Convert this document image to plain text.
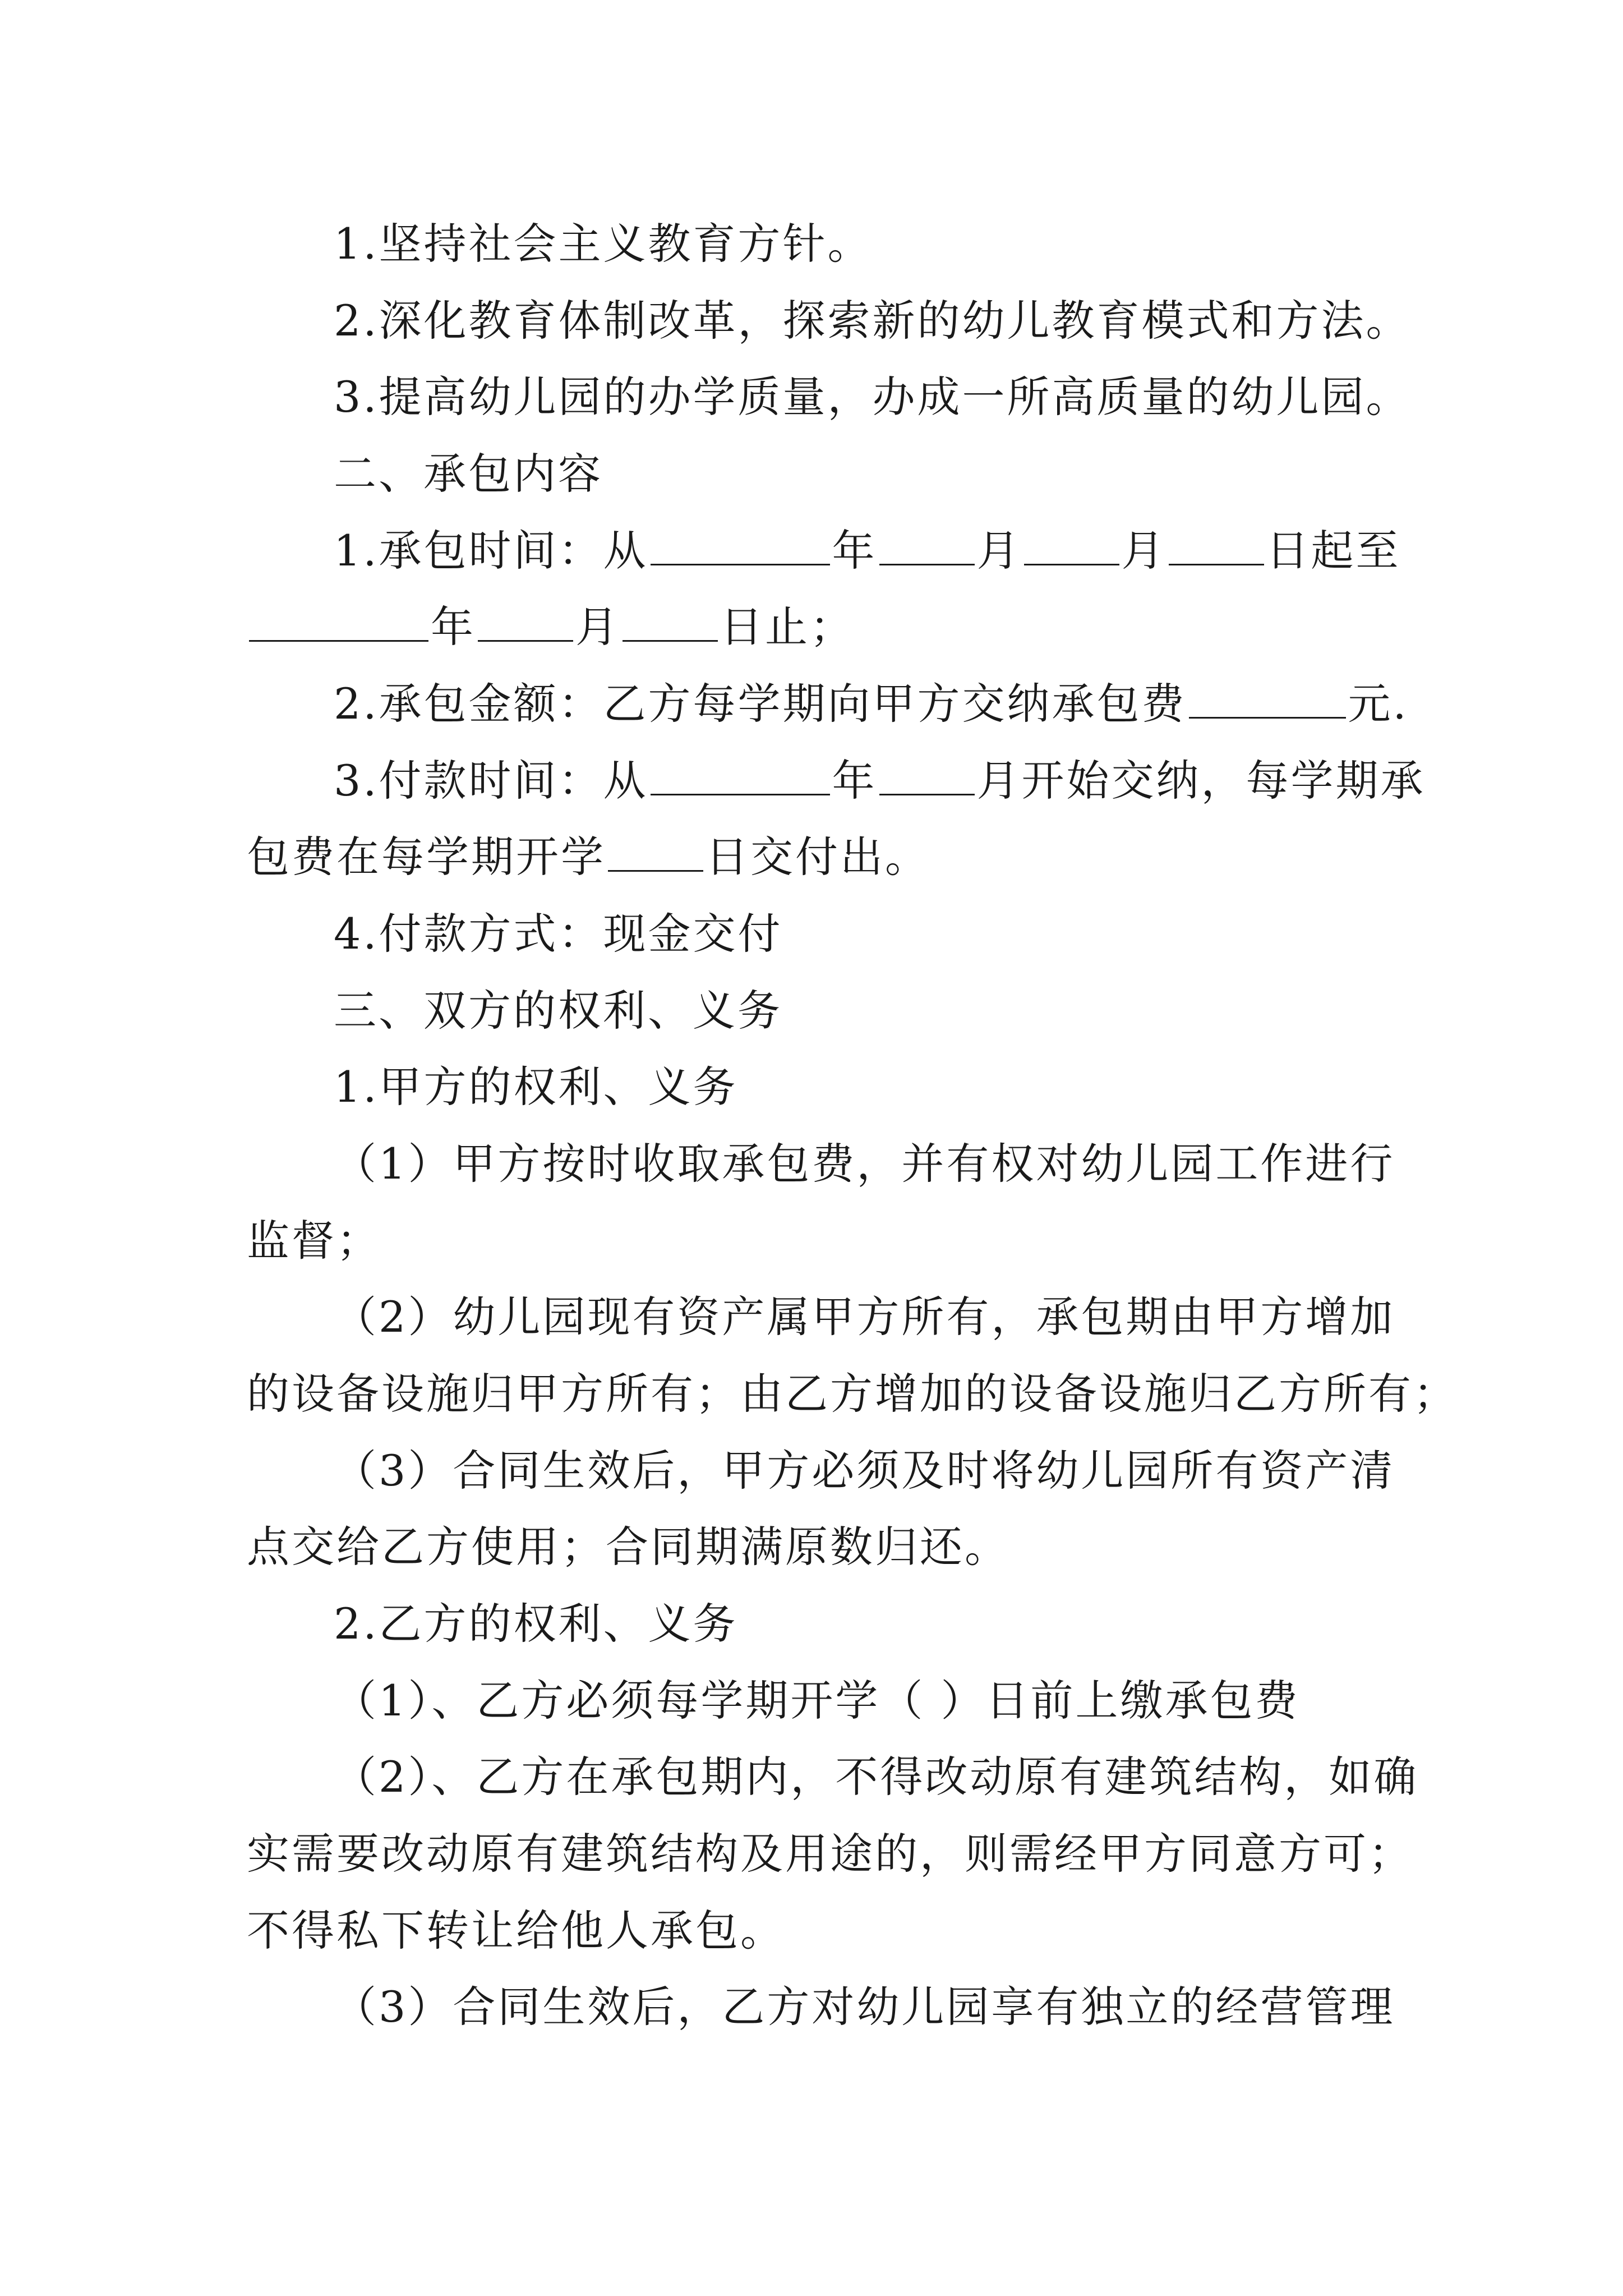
1.坚持社会主义教育方针。
2.深化教育体制改革，探索新的幼儿教育模式和方法。
3.提高幼儿园的办学质量，办成一所高质量的幼儿园。
二、承包内容
1.承包时间：从	年 月 月 日起至
年 月 日止；
2.承包金额：乙方每学期向甲方交纳承包费	元.
3.付款时间：从	年 月开始交纳，每学期承
包费在每学期开学 日交付出。
4.付款方式：现金交付
三、双方的权利、义务
1.甲方的权利、义务
（1）甲方按时收取承包费，并有权对幼儿园工作进行
监督；
（2）幼儿园现有资产属甲方所有，承包期由甲方增加
的设备设施归甲方所有；由乙方增加的设备设施归乙方所有；
（3）合同生效后，甲方必须及时将幼儿园所有资产清
点交给乙方使用；合同期满原数归还。
2.乙方的权利、义务
（1）、乙方必须每学期开学（ ）日前上缴承包费
（2）、乙方在承包期内，不得改动原有建筑结构，如确
实需要改动原有建筑结构及用途的，则需经甲方同意方可；
不得私下转让给他人承包。
（3）合同生效后，乙方对幼儿园享有独立的经营管理
